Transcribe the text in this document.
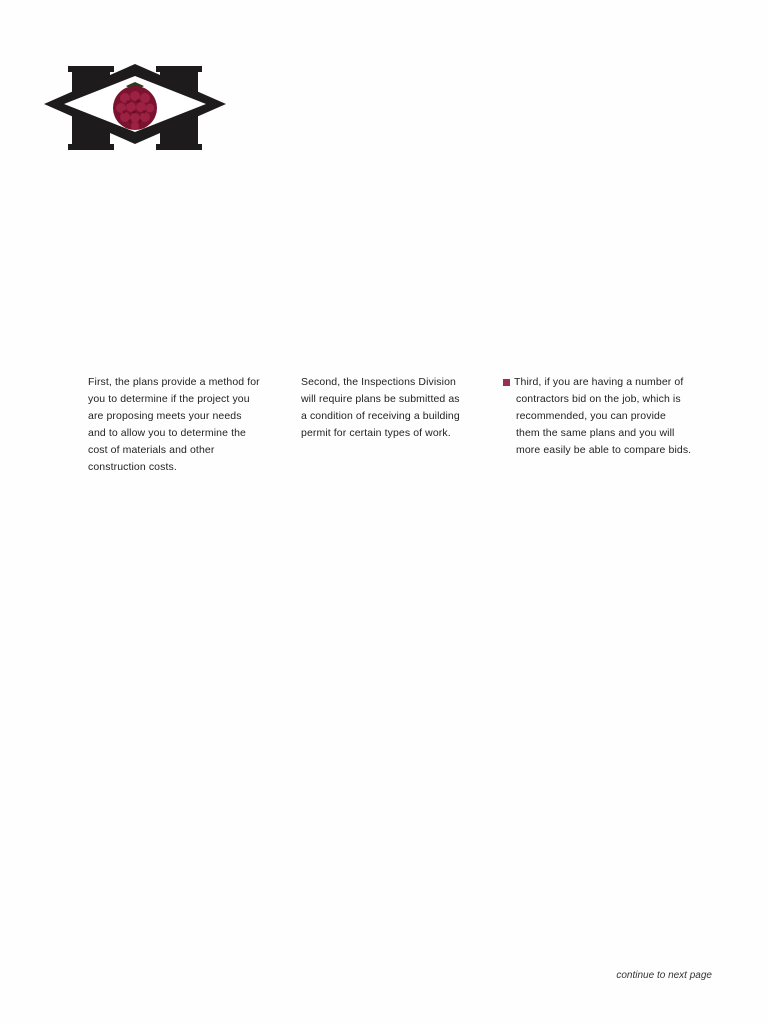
First, the plans provide a method for
you to determine if the project you
are proposing meets your needs
and to allow you to determine the
cost of materials and other
construction costs.

Second, the Inspections Division
will require plans be submitted as
a condition of receiving a building
permit for certain types of work.

Third, if you are having a number of
contractors bid on the job, which is
recommended, you can provide
them the same plans and you will
more easily be able to compare bids.

continue to next page
